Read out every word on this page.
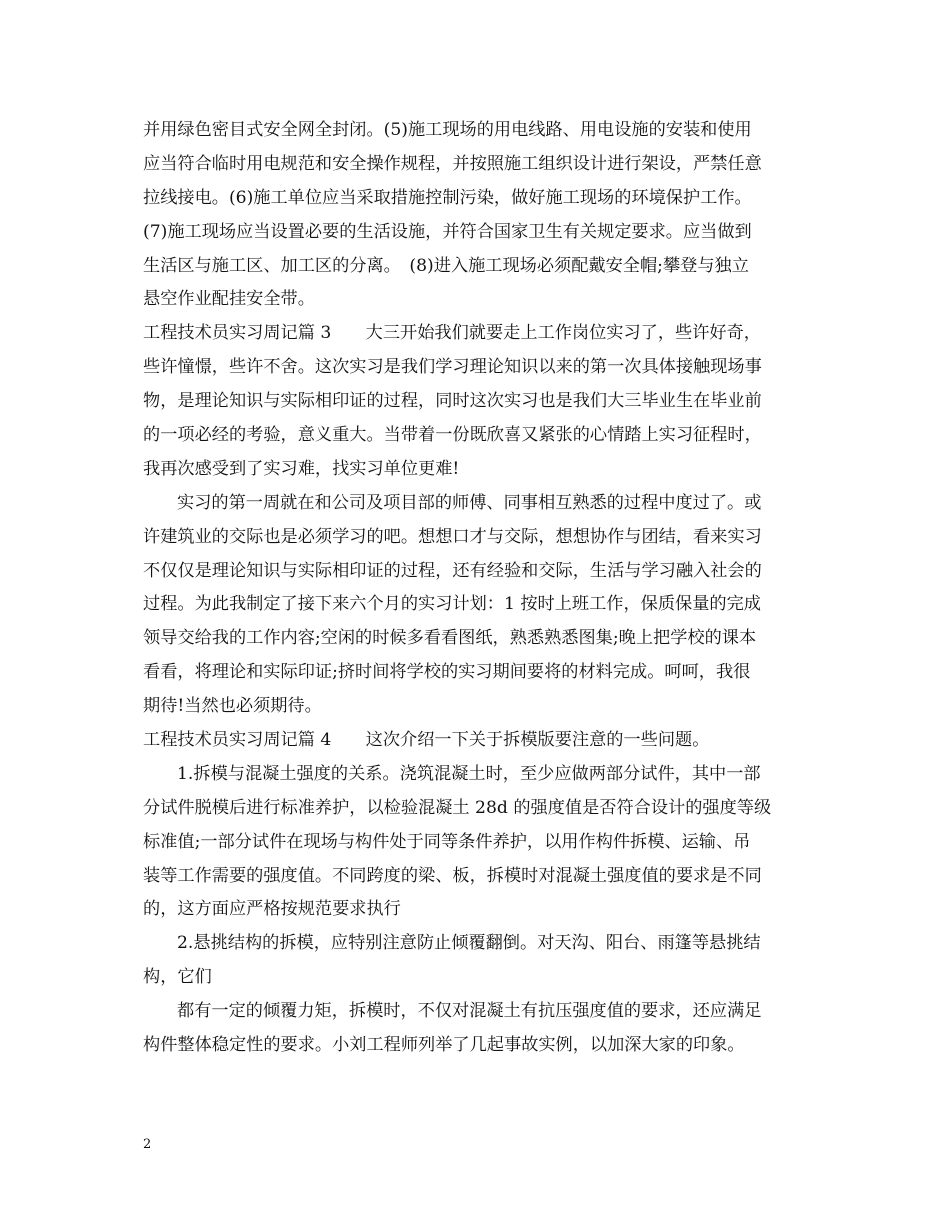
并用绿色密目式安全网全封闭。(5)施工现场的用电线路、用电设施的安装和使用
应当符合临时用电规范和安全操作规程，并按照施工组织设计进行架设，严禁任意
拉线接电。(6)施工单位应当采取措施控制污染，做好施工现场的环境保护工作。
(7)施工现场应当设置必要的生活设施，并符合国家卫生有关规定要求。应当做到
生活区与施工区、加工区的分离。　(8)进入施工现场必须配戴安全帽;攀登与独立
悬空作业配挂安全带。
工程技术员实习周记篇 3　　大三开始我们就要走上工作岗位实习了，些许好奇，
些许憧憬，些许不舍。这次实习是我们学习理论知识以来的第一次具体接触现场事
物，是理论知识与实际相印证的过程，同时这次实习也是我们大三毕业生在毕业前
的一项必经的考验，意义重大。当带着一份既欣喜又紧张的心情踏上实习征程时，
我再次感受到了实习难，找实习单位更难!
实习的第一周就在和公司及项目部的师傅、同事相互熟悉的过程中度过了。或
许建筑业的交际也是必须学习的吧。想想口才与交际，想想协作与团结，看来实习
不仅仅是理论知识与实际相印证的过程，还有经验和交际，生活与学习融入社会的
过程。为此我制定了接下来六个月的实习计划：1 按时上班工作，保质保量的完成
领导交给我的工作内容;空闲的时候多看看图纸，熟悉熟悉图集;晚上把学校的课本
看看，将理论和实际印证;挤时间将学校的实习期间要将的材料完成。呵呵，我很
期待!当然也必须期待。
工程技术员实习周记篇 4　　这次介绍一下关于拆模版要注意的一些问题。
1.拆模与混凝土强度的关系。浇筑混凝土时，至少应做两部分试件，其中一部
分试件脱模后进行标准养护，以检验混凝土 28d 的强度值是否符合设计的强度等级
标准值;一部分试件在现场与构件处于同等条件养护，以用作构件拆模、运输、吊
装等工作需要的强度值。不同跨度的梁、板，拆模时对混凝土强度值的要求是不同
的，这方面应严格按规范要求执行
2.悬挑结构的拆模，应特别注意防止倾覆翻倒。对天沟、阳台、雨篷等悬挑结
构，它们
都有一定的倾覆力矩，拆模时，不仅对混凝土有抗压强度值的要求，还应满足
构件整体稳定性的要求。小刘工程师列举了几起事故实例，以加深大家的印象。
2
